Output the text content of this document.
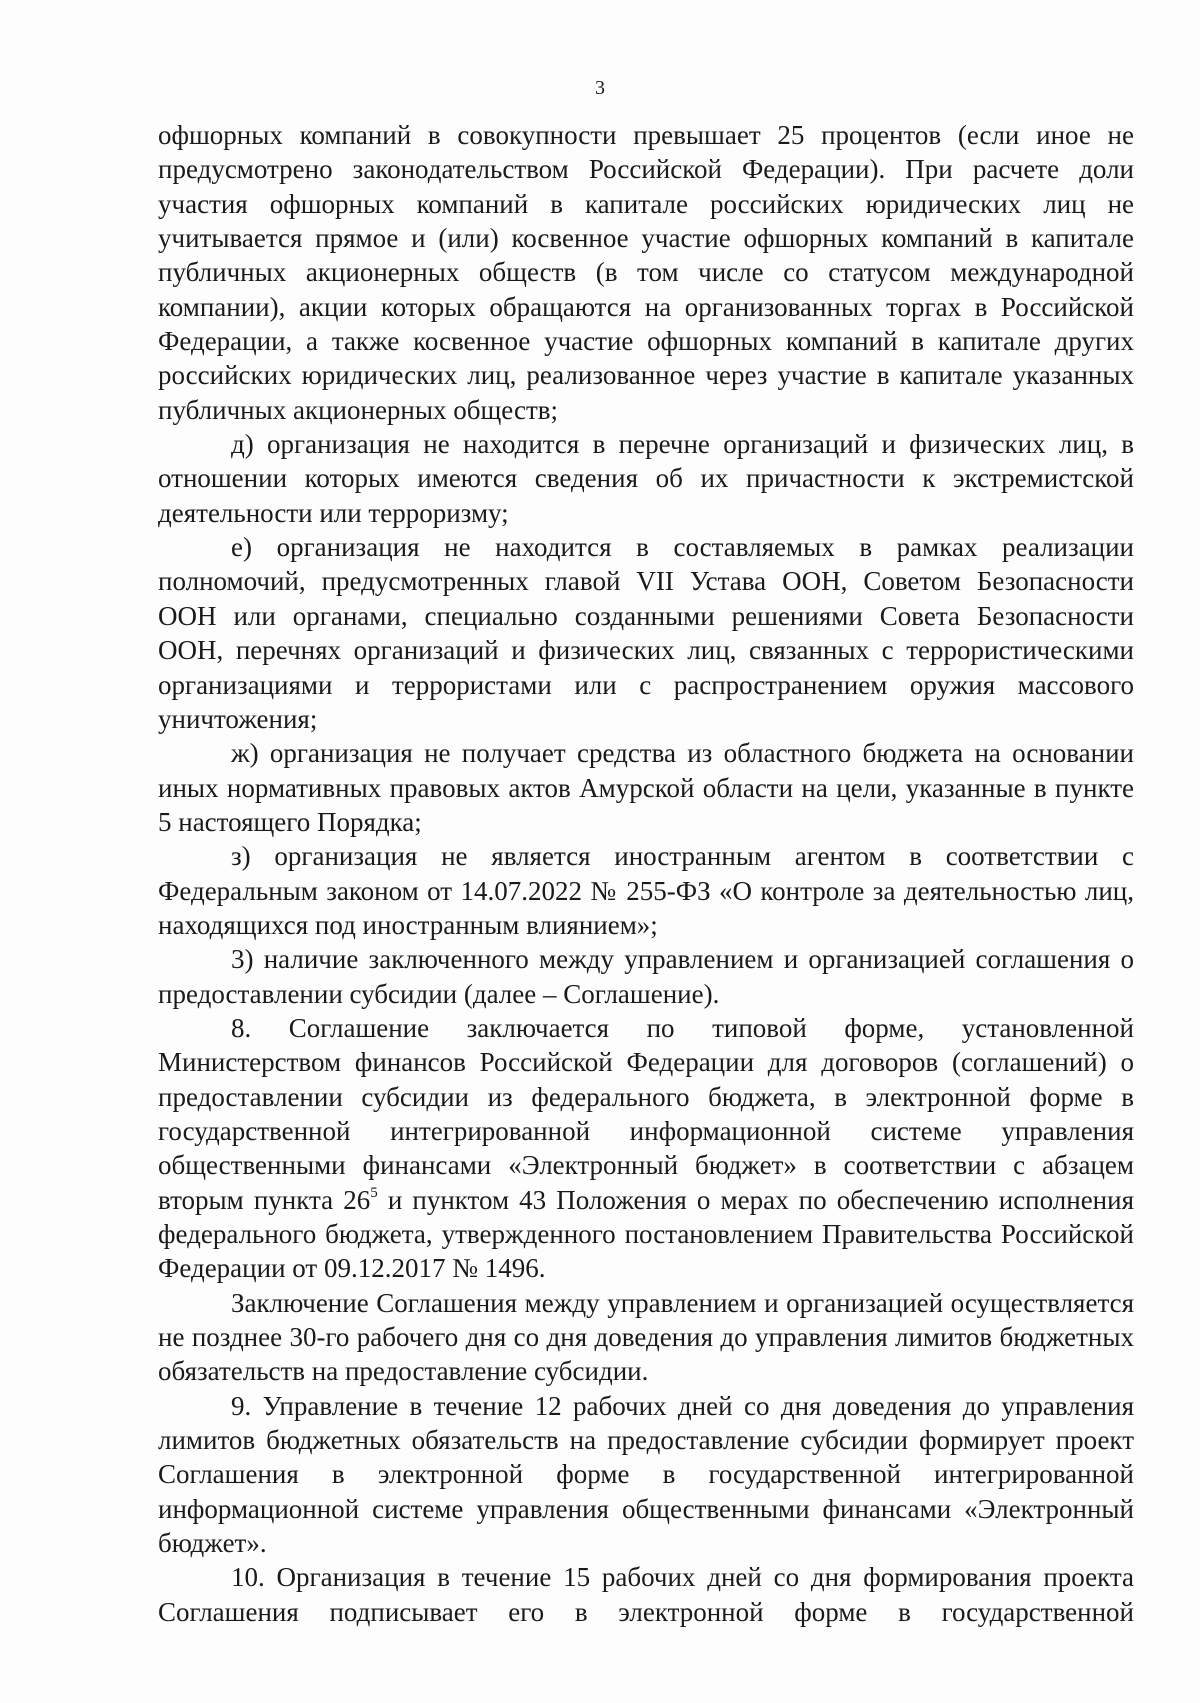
3

офшорных компаний в совокупности превышает 25 процентов (если иное не предусмотрено законодательством Российской Федерации). При расчете доли участия офшорных компаний в капитале российских юридических лиц не учитывается прямое и (или) косвенное участие офшорных компаний в капитале публичных акционерных обществ (в том числе со статусом международной компании), акции которых обращаются на организованных торгах в Российской Федерации, а также косвенное участие офшорных компаний в капитале других российских юридических лиц, реализованное через участие в капитале указанных публичных акционерных обществ;

д) организация не находится в перечне организаций и физических лиц, в отношении которых имеются сведения об их причастности к экстремистской деятельности или терроризму;

е) организация не находится в составляемых в рамках реализации полномочий, предусмотренных главой VII Устава ООН, Советом Безопасности ООН или органами, специально созданными решениями Совета Безопасности ООН, перечнях организаций и физических лиц, связанных с террористическими организациями и террористами или с распространением оружия массового уничтожения;

ж) организация не получает средства из областного бюджета на основании иных нормативных правовых актов Амурской области на цели, указанные в пункте 5 настоящего Порядка;

з) организация не является иностранным агентом в соответствии с Федеральным законом от 14.07.2022 № 255-ФЗ «О контроле за деятельностью лиц, находящихся под иностранным влиянием»;

3) наличие заключенного между управлением и организацией соглашения о предоставлении субсидии (далее – Соглашение).

8. Соглашение заключается по типовой форме, установленной Министерством финансов Российской Федерации для договоров (соглашений) о предоставлении субсидии из федерального бюджета, в электронной форме в государственной интегрированной информационной системе управления общественными финансами «Электронный бюджет» в соответствии с абзацем вторым пункта $26^5$ и пунктом 43 Положения о мерах по обеспечению исполнения федерального бюджета, утвержденного постановлением Правительства Российской Федерации от 09.12.2017 № 1496.

Заключение Соглашения между управлением и организацией осуществляется не позднее 30-го рабочего дня со дня доведения до управления лимитов бюджетных обязательств на предоставление субсидии.

9. Управление в течение 12 рабочих дней со дня доведения до управления лимитов бюджетных обязательств на предоставление субсидии формирует проект Соглашения в электронной форме в государственной интегрированной информационной системе управления общественными финансами «Электронный бюджет».

10. Организация в течение 15 рабочих дней со дня формирования проекта Соглашения подписывает его в электронной форме в государственной
